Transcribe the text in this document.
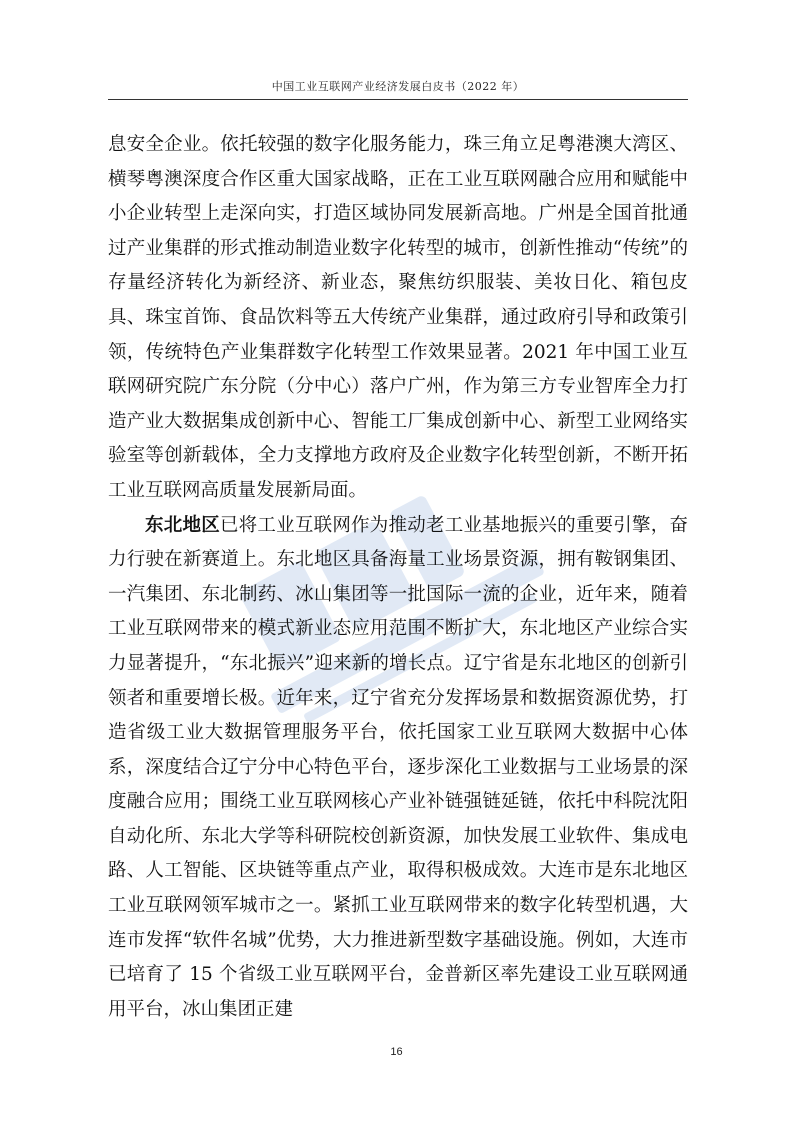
中国工业互联网产业经济发展白皮书（2022 年）

息安全企业。依托较强的数字化服务能力，珠三角立足粤港澳大湾区、横琴粤澳深度合作区重大国家战略，正在工业互联网融合应用和赋能中小企业转型上走深向实，打造区域协同发展新高地。广州是全国首批通过产业集群的形式推动制造业数字化转型的城市，创新性推动“传统”的存量经济转化为新经济、新业态，聚焦纺织服装、美妆日化、箱包皮具、珠宝首饰、食品饮料等五大传统产业集群，通过政府引导和政策引领，传统特色产业集群数字化转型工作效果显著。2021 年中国工业互联网研究院广东分院（分中心）落户广州，作为第三方专业智库全力打造产业大数据集成创新中心、智能工厂集成创新中心、新型工业网络实验室等创新载体，全力支撑地方政府及企业数字化转型创新，不断开拓工业互联网高质量发展新局面。

东北地区已将工业互联网作为推动老工业基地振兴的重要引擎，奋力行驶在新赛道上。东北地区具备海量工业场景资源，拥有鞍钢集团、一汽集团、东北制药、冰山集团等一批国际一流的企业，近年来，随着工业互联网带来的模式新业态应用范围不断扩大，东北地区产业综合实力显著提升，“东北振兴”迎来新的增长点。辽宁省是东北地区的创新引领者和重要增长极。近年来，辽宁省充分发挥场景和数据资源优势，打造省级工业大数据管理服务平台，依托国家工业互联网大数据中心体系，深度结合辽宁分中心特色平台，逐步深化工业数据与工业场景的深度融合应用；围绕工业互联网核心产业补链强链延链，依托中科院沈阳自动化所、东北大学等科研院校创新资源，加快发展工业软件、集成电路、人工智能、区块链等重点产业，取得积极成效。大连市是东北地区工业互联网领军城市之一。紧抓工业互联网带来的数字化转型机遇，大连市发挥“软件名城”优势，大力推进新型数字基础设施。例如，大连市已培育了 15 个省级工业互联网平台，金普新区率先建设工业互联网通用平台，冰山集团正建

16
